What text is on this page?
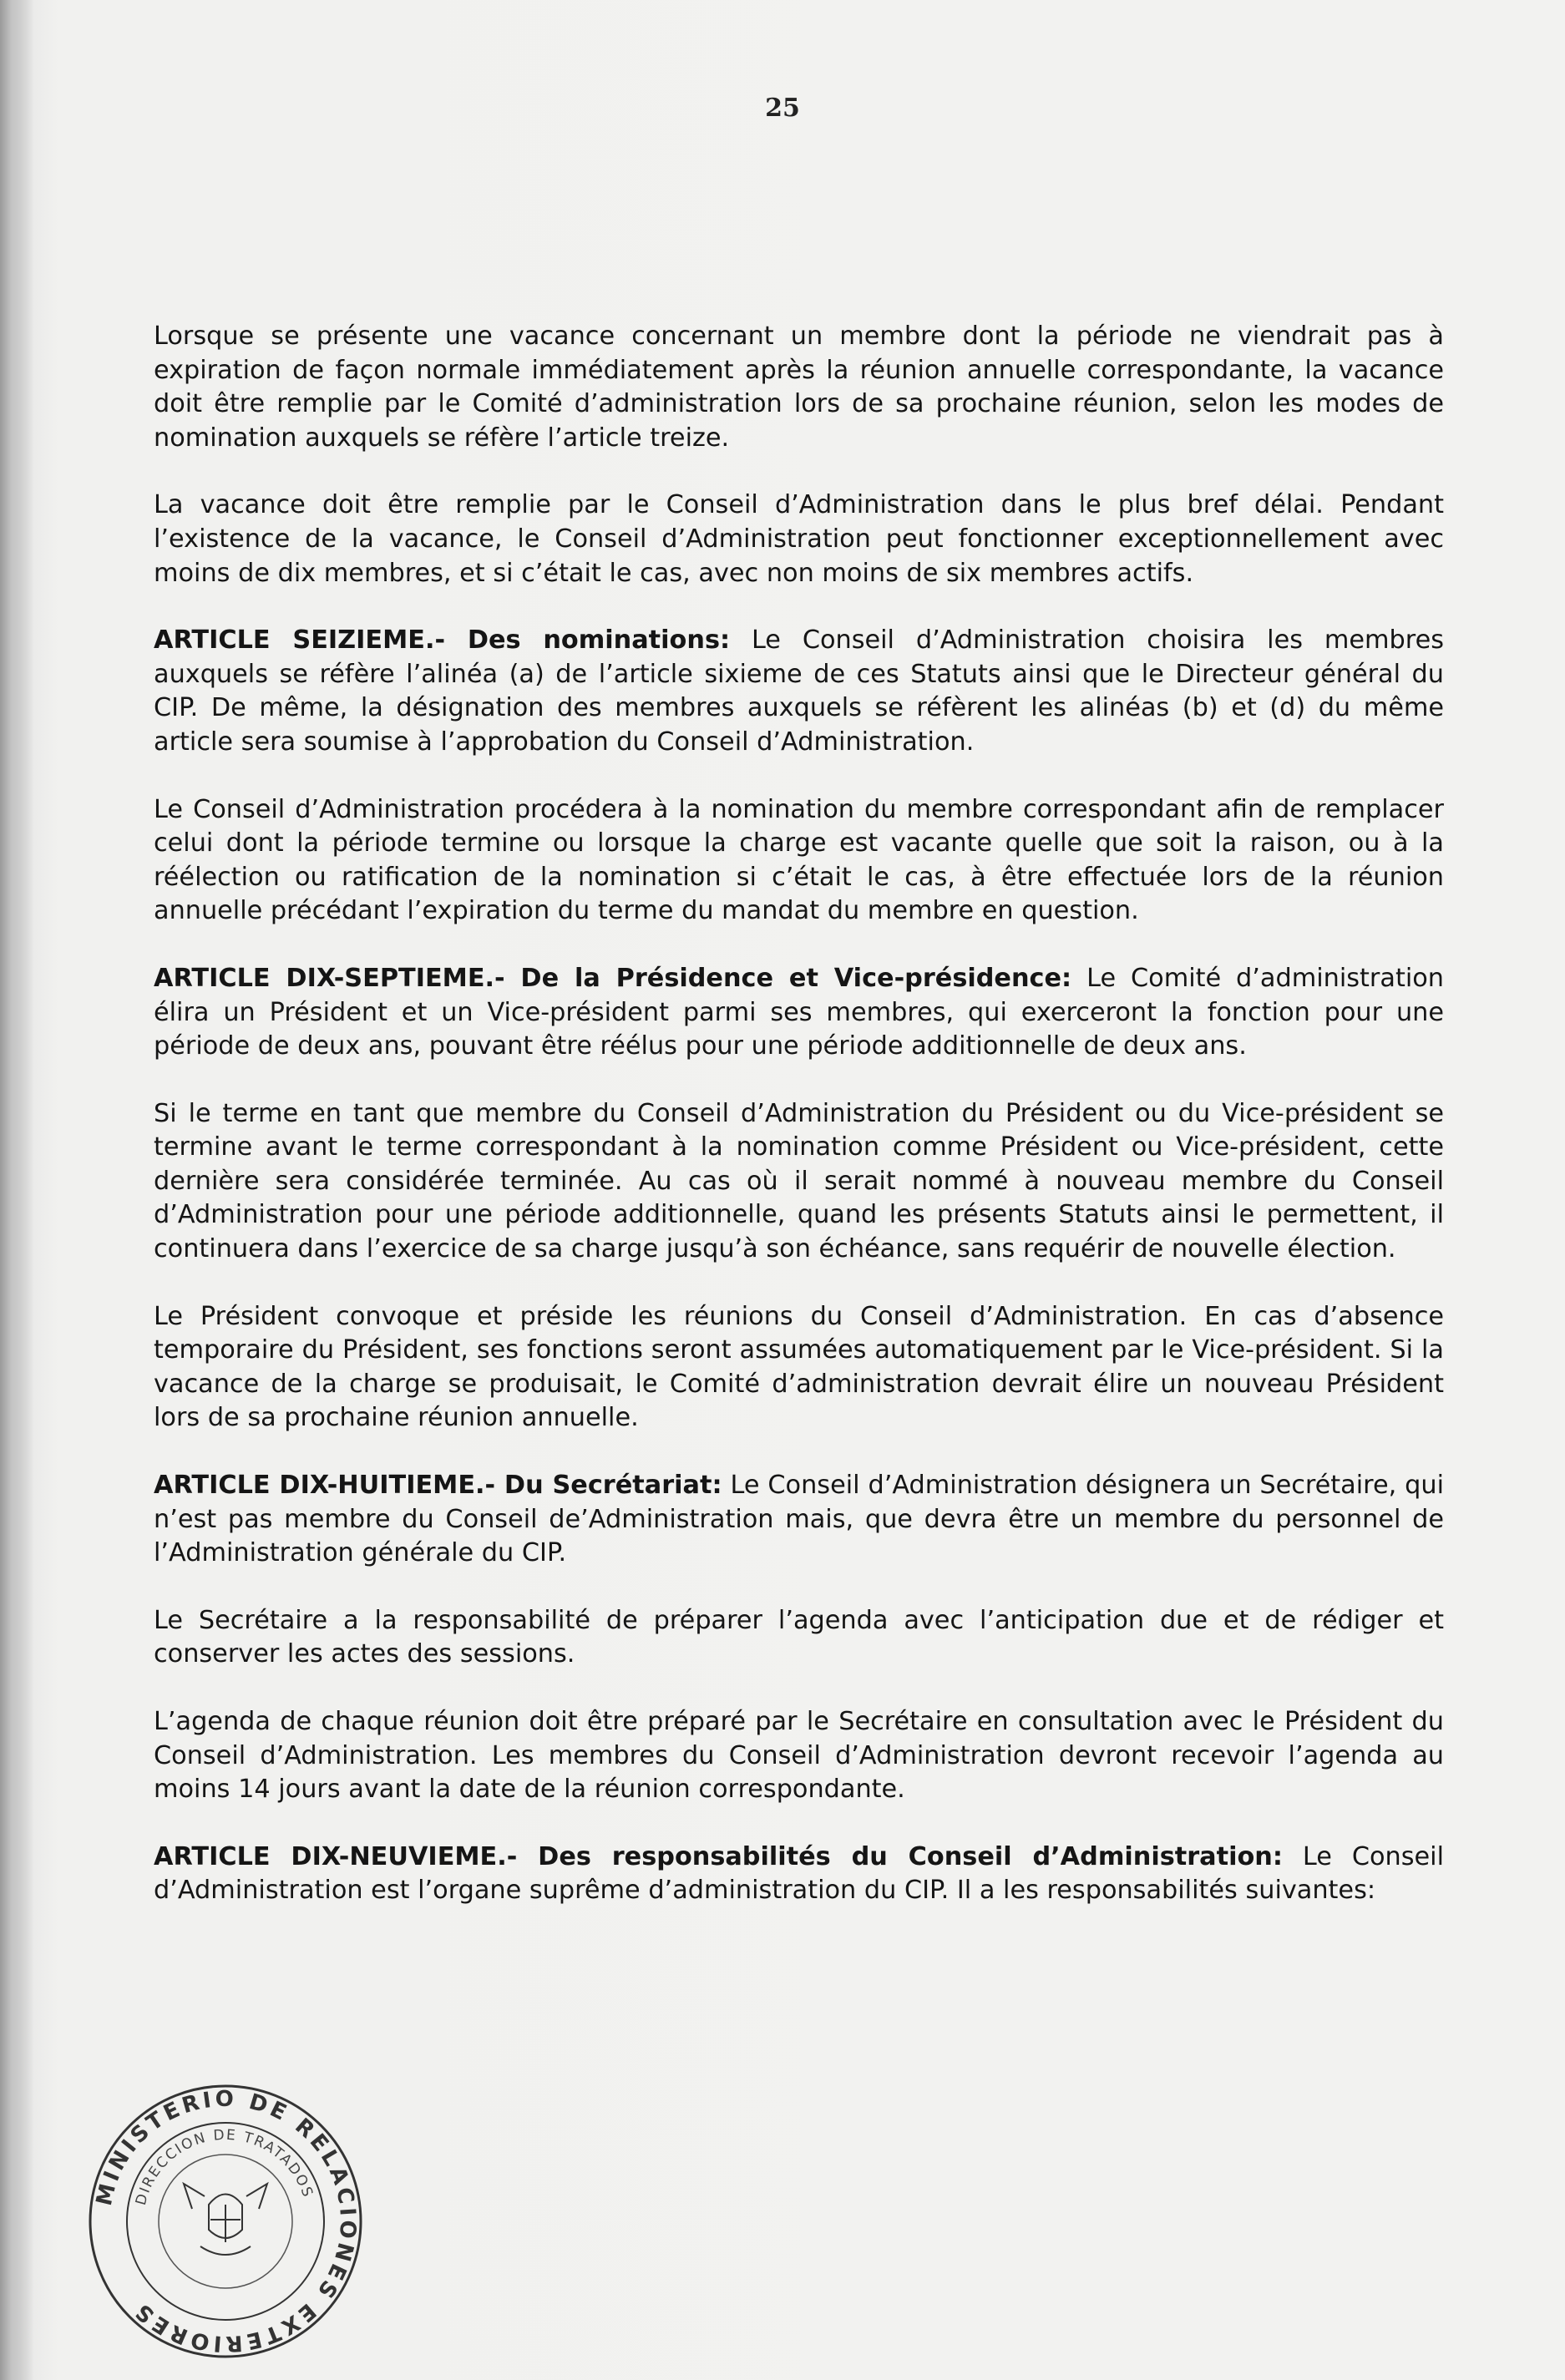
25

Lorsque se présente une vacance concernant un membre dont la période ne viendrait pas à expiration de façon normale immédiatement après la réunion annuelle correspondante, la vacance doit être remplie par le Comité d’administration lors de sa prochaine réunion, selon les modes de nomination auxquels se réfère l’article treize.

La vacance doit être remplie par le Conseil d’Administration dans le plus bref délai. Pendant l’existence de la vacance, le Conseil d’Administration peut fonctionner exceptionnellement avec moins de dix membres, et si c’était le cas, avec non moins de six membres actifs.

ARTICLE SEIZIEME.- Des nominations: Le Conseil d’Administration choisira les membres auxquels se réfère l’alinéa (a) de l’article sixieme de ces Statuts ainsi que le Directeur général du CIP. De même, la désignation des membres auxquels se réfèrent les alinéas (b) et (d) du même article sera soumise à l’approbation du Conseil d’Administration.

Le Conseil d’Administration procédera à la nomination du membre correspondant afin de remplacer celui dont la période termine ou lorsque la charge est vacante quelle que soit la raison, ou à la réélection ou ratification de la nomination si c’était le cas, à être effectuée lors de la réunion annuelle précédant l’expiration du terme du mandat du membre en question.

ARTICLE DIX-SEPTIEME.- De la Présidence et Vice-présidence: Le Comité d’administration élira un Président et un Vice-président parmi ses membres, qui exerceront la fonction pour une période de deux ans, pouvant être réélus pour une période additionnelle de deux ans.

Si le terme en tant que membre du Conseil d’Administration du Président ou du Vice-président se termine avant le terme correspondant à la nomination comme Président ou Vice-président, cette dernière sera considérée terminée. Au cas où il serait nommé à nouveau membre du Conseil d’Administration pour une période additionnelle, quand les présents Statuts ainsi le permettent, il continuera dans l’exercice de sa charge jusqu’à son échéance, sans requérir de nouvelle élection.

Le Président convoque et préside les réunions du Conseil d’Administration. En cas d’absence temporaire du Président, ses fonctions seront assumées automatiquement par le Vice-président. Si la vacance de la charge se produisait, le Comité d’administration devrait élire un nouveau Président lors de sa prochaine réunion annuelle.

ARTICLE DIX-HUITIEME.- Du Secrétariat: Le Conseil d’Administration désignera un Secrétaire, qui n’est pas membre du Conseil de’Administration mais, que devra être un membre du personnel de l’Administration générale du CIP.

Le Secrétaire a la responsabilité de préparer l’agenda avec l’anticipation due et de rédiger et conserver les actes des sessions.

L’agenda de chaque réunion doit être préparé par le Secrétaire en consultation avec le Président du Conseil d’Administration. Les membres du Conseil d’Administration devront recevoir l’agenda au moins 14 jours avant la date de la réunion correspondante.

ARTICLE DIX-NEUVIEME.- Des responsabilités du Conseil d’Administration: Le Conseil d’Administration est l’organe suprême d’administration du CIP. Il a les responsabilités suivantes:

MINISTERIO DE RELACIONES EXTERIORES
DIRECCION DE TRATADOS
